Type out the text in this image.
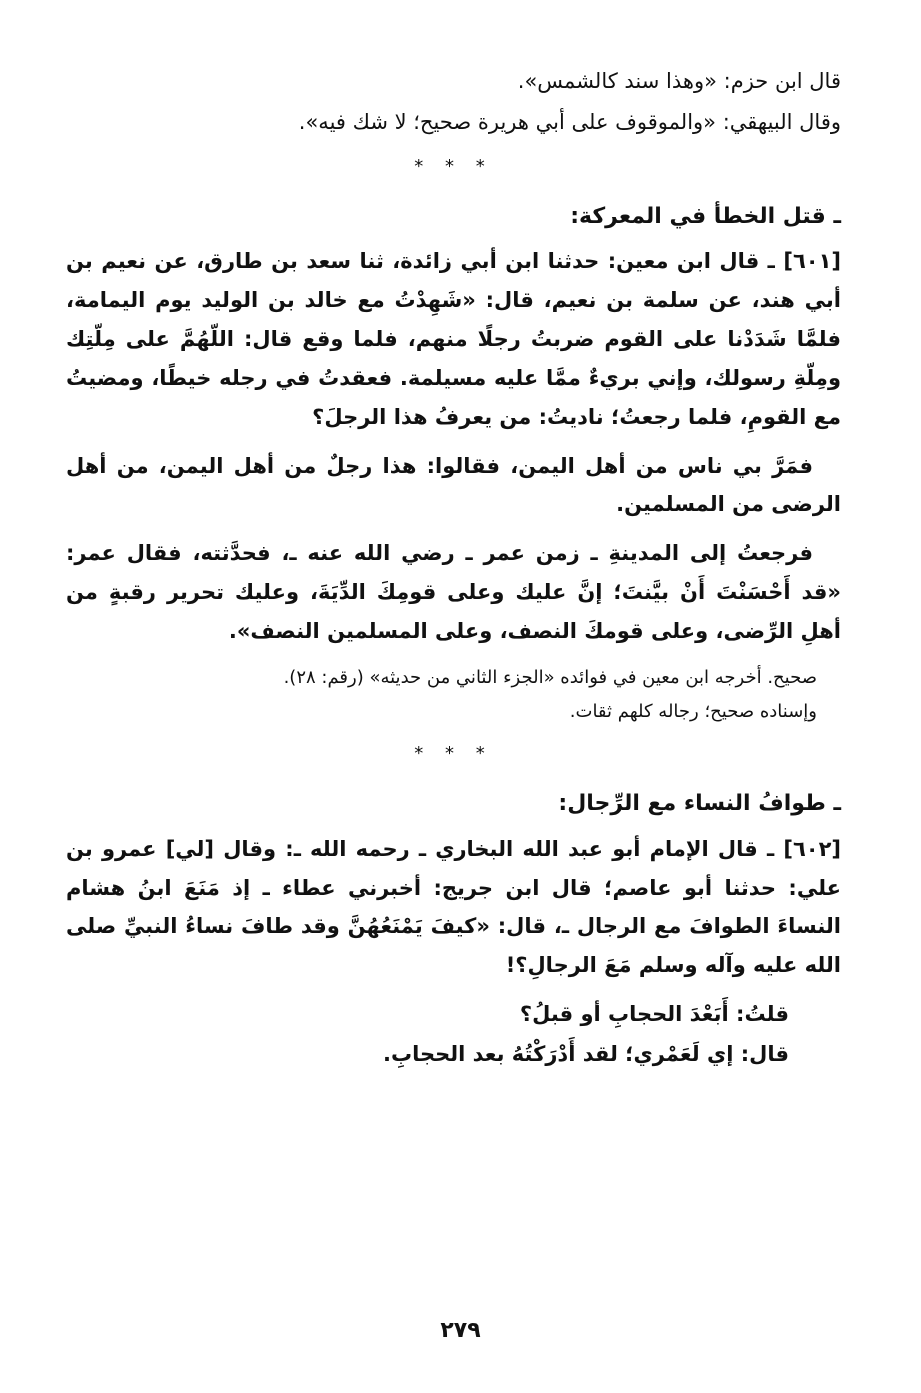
قال ابن حزم: «وهذا سند كالشمس».

وقال البيهقي: «والموقوف على أبي هريرة صحيح؛ لا شك فيه».

* * *
ـ قتل الخطأ في المعركة:

[٦٠١] ـ قال ابن معين: حدثنا ابن أبي زائدة، ثنا سعد بن طارق، عن نعيم بن أبي هند، عن سلمة بن نعيم، قال: «شَهِدْتُ مع خالد بن الوليد يوم اليمامة، فلمَّا شَدَدْنا على القوم ضربتُ رجلًا منهم، فلما وقع قال: اللّهُمَّ على مِلّتِك ومِلّةِ رسولك، وإني بريءٌ ممَّا عليه مسيلمة. فعقدتُ في رجله خيطًا، ومضيتُ مع القومِ، فلما رجعتُ؛ ناديتُ: من يعرفُ هذا الرجلَ؟

فمَرَّ بي ناس من أهل اليمن، فقالوا: هذا رجلٌ من أهل اليمن، من أهل الرضى من المسلمين.

فرجعتُ إلى المدينةِ ـ زمن عمر ـ رضي الله عنه ـ، فحدَّثته، فقال عمر: «قد أَحْسَنْتَ أَنْ بيَّنتَ؛ إنَّ عليك وعلى قومِكَ الدِّيَةَ، وعليك تحرير رقبةٍ من أهلِ الرِّضى، وعلى قومكَ النصف، وعلى المسلمين النصف».

صحيح. أخرجه ابن معين في فوائده «الجزء الثاني من حديثه» (رقم: ٢٨).

وإسناده صحيح؛ رجاله كلهم ثقات.

* * *
ـ طوافُ النساء مع الرِّجال:

[٦٠٢] ـ قال الإمام أبو عبد الله البخاري ـ رحمه الله ـ: وقال [لي] عمرو بن علي: حدثنا أبو عاصم؛ قال ابن جريج: أخبرني عطاء ـ إذ مَنَعَ ابنُ هشام النساءَ الطوافَ مع الرجال ـ، قال: «كيفَ يَمْنَعُهُنَّ وقد طافَ نساءُ النبيِّ صلى الله عليه وآله وسلم مَعَ الرجالِ؟!

قلتُ: أَبَعْدَ الحجابِ أو قبلُ؟

قال: إي لَعَمْري؛ لقد أَدْرَكْتُهُ بعد الحجابِ.

٢٧٩
